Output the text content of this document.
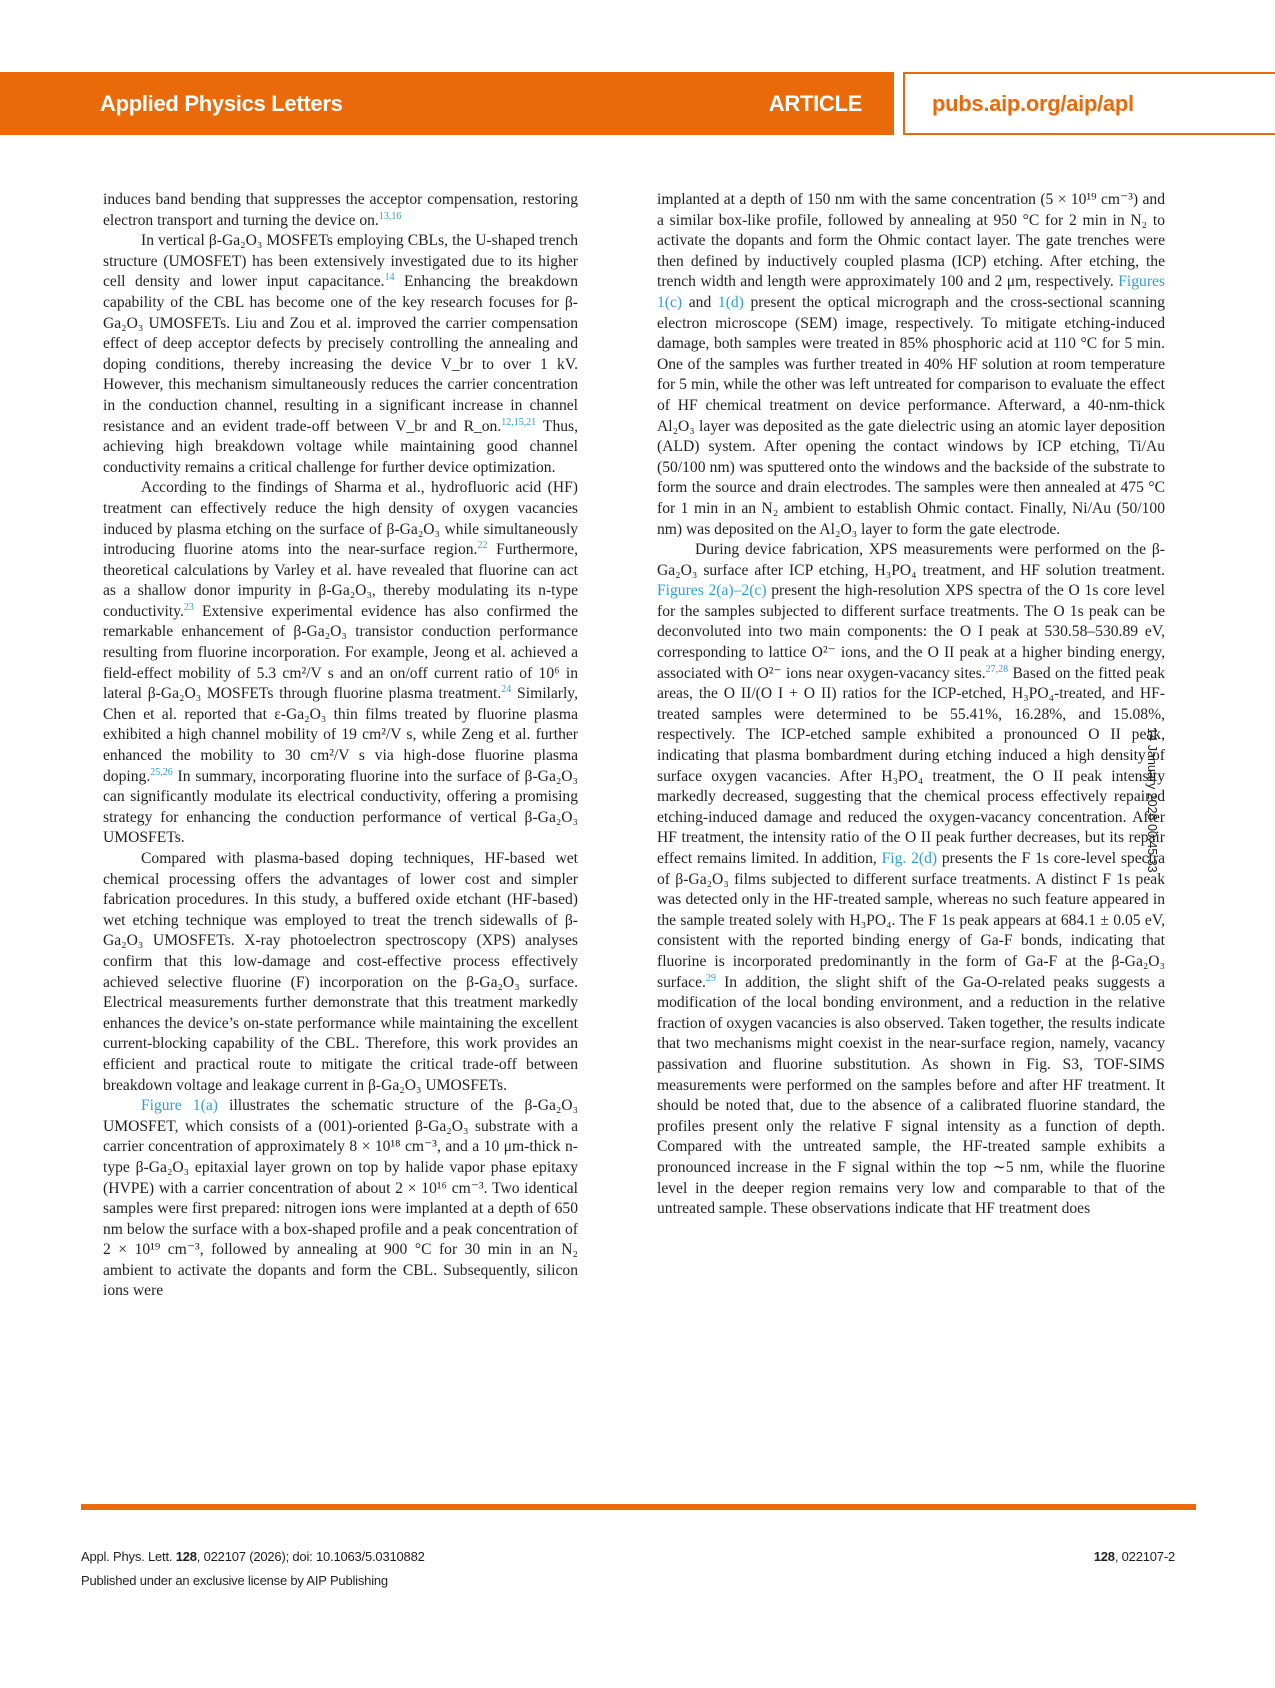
Applied Physics Letters	ARTICLE	pubs.aip.org/aip/apl

induces band bending that suppresses the acceptor compensation, restoring electron transport and turning the device on.$^{13,16}$

In vertical β-Ga₂O₃ MOSFETs employing CBLs, the U-shaped trench structure (UMOSFET) has been extensively investigated due to its higher cell density and lower input capacitance.$^{14}$ Enhancing the breakdown capability of the CBL has become one of the key research focuses for β-Ga₂O₃ UMOSFETs. Liu and Zou et al. improved the carrier compensation effect of deep acceptor defects by precisely controlling the annealing and doping conditions, thereby increasing the device V_br to over 1 kV. However, this mechanism simultaneously reduces the carrier concentration in the conduction channel, resulting in a significant increase in channel resistance and an evident trade-off between V_br and R_on.$^{12,15,21}$ Thus, achieving high breakdown voltage while maintaining good channel conductivity remains a critical challenge for further device optimization.

According to the findings of Sharma et al., hydrofluoric acid (HF) treatment can effectively reduce the high density of oxygen vacancies induced by plasma etching on the surface of β-Ga₂O₃ while simultaneously introducing fluorine atoms into the near-surface region.$^{22}$ Furthermore, theoretical calculations by Varley et al. have revealed that fluorine can act as a shallow donor impurity in β-Ga₂O₃, thereby modulating its n-type conductivity.$^{23}$ Extensive experimental evidence has also confirmed the remarkable enhancement of β-Ga₂O₃ transistor conduction performance resulting from fluorine incorporation. For example, Jeong et al. achieved a field-effect mobility of 5.3 cm²/V s and an on/off current ratio of 10⁶ in lateral β-Ga₂O₃ MOSFETs through fluorine plasma treatment.$^{24}$ Similarly, Chen et al. reported that ε-Ga₂O₃ thin films treated by fluorine plasma exhibited a high channel mobility of 19 cm²/V s, while Zeng et al. further enhanced the mobility to 30 cm²/V s via high-dose fluorine plasma doping.$^{25,26}$ In summary, incorporating fluorine into the surface of β-Ga₂O₃ can significantly modulate its electrical conductivity, offering a promising strategy for enhancing the conduction performance of vertical β-Ga₂O₃ UMOSFETs.

Compared with plasma-based doping techniques, HF-based wet chemical processing offers the advantages of lower cost and simpler fabrication procedures. In this study, a buffered oxide etchant (HF-based) wet etching technique was employed to treat the trench sidewalls of β-Ga₂O₃ UMOSFETs. X-ray photoelectron spectroscopy (XPS) analyses confirm that this low-damage and cost-effective process effectively achieved selective fluorine (F) incorporation on the β-Ga₂O₃ surface. Electrical measurements further demonstrate that this treatment markedly enhances the device’s on-state performance while maintaining the excellent current-blocking capability of the CBL. Therefore, this work provides an efficient and practical route to mitigate the critical trade-off between breakdown voltage and leakage current in β-Ga₂O₃ UMOSFETs.

Figure 1(a) illustrates the schematic structure of the β-Ga₂O₃ UMOSFET, which consists of a (001)-oriented β-Ga₂O₃ substrate with a carrier concentration of approximately 8 × 10¹⁸ cm⁻³, and a 10 μm-thick n-type β-Ga₂O₃ epitaxial layer grown on top by halide vapor phase epitaxy (HVPE) with a carrier concentration of about 2 × 10¹⁶ cm⁻³. Two identical samples were first prepared: nitrogen ions were implanted at a depth of 650 nm below the surface with a box-shaped profile and a peak concentration of 2 × 10¹⁹ cm⁻³, followed by annealing at 900 °C for 30 min in an N₂ ambient to activate the dopants and form the CBL. Subsequently, silicon ions were

implanted at a depth of 150 nm with the same concentration (5 × 10¹⁹ cm⁻³) and a similar box-like profile, followed by annealing at 950 °C for 2 min in N₂ to activate the dopants and form the Ohmic contact layer. The gate trenches were then defined by inductively coupled plasma (ICP) etching. After etching, the trench width and length were approximately 100 and 2 μm, respectively. Figures 1(c) and 1(d) present the optical micrograph and the cross-sectional scanning electron microscope (SEM) image, respectively. To mitigate etching-induced damage, both samples were treated in 85% phosphoric acid at 110 °C for 5 min. One of the samples was further treated in 40% HF solution at room temperature for 5 min, while the other was left untreated for comparison to evaluate the effect of HF chemical treatment on device performance. Afterward, a 40-nm-thick Al₂O₃ layer was deposited as the gate dielectric using an atomic layer deposition (ALD) system. After opening the contact windows by ICP etching, Ti/Au (50/100 nm) was sputtered onto the windows and the backside of the substrate to form the source and drain electrodes. The samples were then annealed at 475 °C for 1 min in an N₂ ambient to establish Ohmic contact. Finally, Ni/Au (50/100 nm) was deposited on the Al₂O₃ layer to form the gate electrode.

During device fabrication, XPS measurements were performed on the β-Ga₂O₃ surface after ICP etching, H₃PO₄ treatment, and HF solution treatment. Figures 2(a)–2(c) present the high-resolution XPS spectra of the O 1s core level for the samples subjected to different surface treatments. The O 1s peak can be deconvoluted into two main components: the O I peak at 530.58–530.89 eV, corresponding to lattice O²⁻ ions, and the O II peak at a higher binding energy, associated with O²⁻ ions near oxygen-vacancy sites.$^{27,28}$ Based on the fitted peak areas, the O II/(O I + O II) ratios for the ICP-etched, H₃PO₄-treated, and HF-treated samples were determined to be 55.41%, 16.28%, and 15.08%, respectively. The ICP-etched sample exhibited a pronounced O II peak, indicating that plasma bombardment during etching induced a high density of surface oxygen vacancies. After H₃PO₄ treatment, the O II peak intensity markedly decreased, suggesting that the chemical process effectively repaired etching-induced damage and reduced the oxygen-vacancy concentration. After HF treatment, the intensity ratio of the O II peak further decreases, but its repair effect remains limited. In addition, Fig. 2(d) presents the F 1s core-level spectra of β-Ga₂O₃ films subjected to different surface treatments. A distinct F 1s peak was detected only in the HF-treated sample, whereas no such feature appeared in the sample treated solely with H₃PO₄. The F 1s peak appears at 684.1 ± 0.05 eV, consistent with the reported binding energy of Ga-F bonds, indicating that fluorine is incorporated predominantly in the form of Ga-F at the β-Ga₂O₃ surface.$^{29}$ In addition, the slight shift of the Ga-O-related peaks suggests a modification of the local bonding environment, and a reduction in the relative fraction of oxygen vacancies is also observed. Taken together, the results indicate that two mechanisms might coexist in the near-surface region, namely, vacancy passivation and fluorine substitution. As shown in Fig. S3, TOF-SIMS measurements were performed on the samples before and after HF treatment. It should be noted that, due to the absence of a calibrated fluorine standard, the profiles present only the relative F signal intensity as a function of depth. Compared with the untreated sample, the HF-treated sample exhibits a pronounced increase in the F signal within the top ∼5 nm, while the fluorine level in the deeper region remains very low and comparable to that of the untreated sample. These observations indicate that HF treatment does

14 January 2026 00:45:33
Appl. Phys. Lett. 128, 022107 (2026); doi: 10.1063/5.0310882	128, 022107-2
Published under an exclusive license by AIP Publishing
